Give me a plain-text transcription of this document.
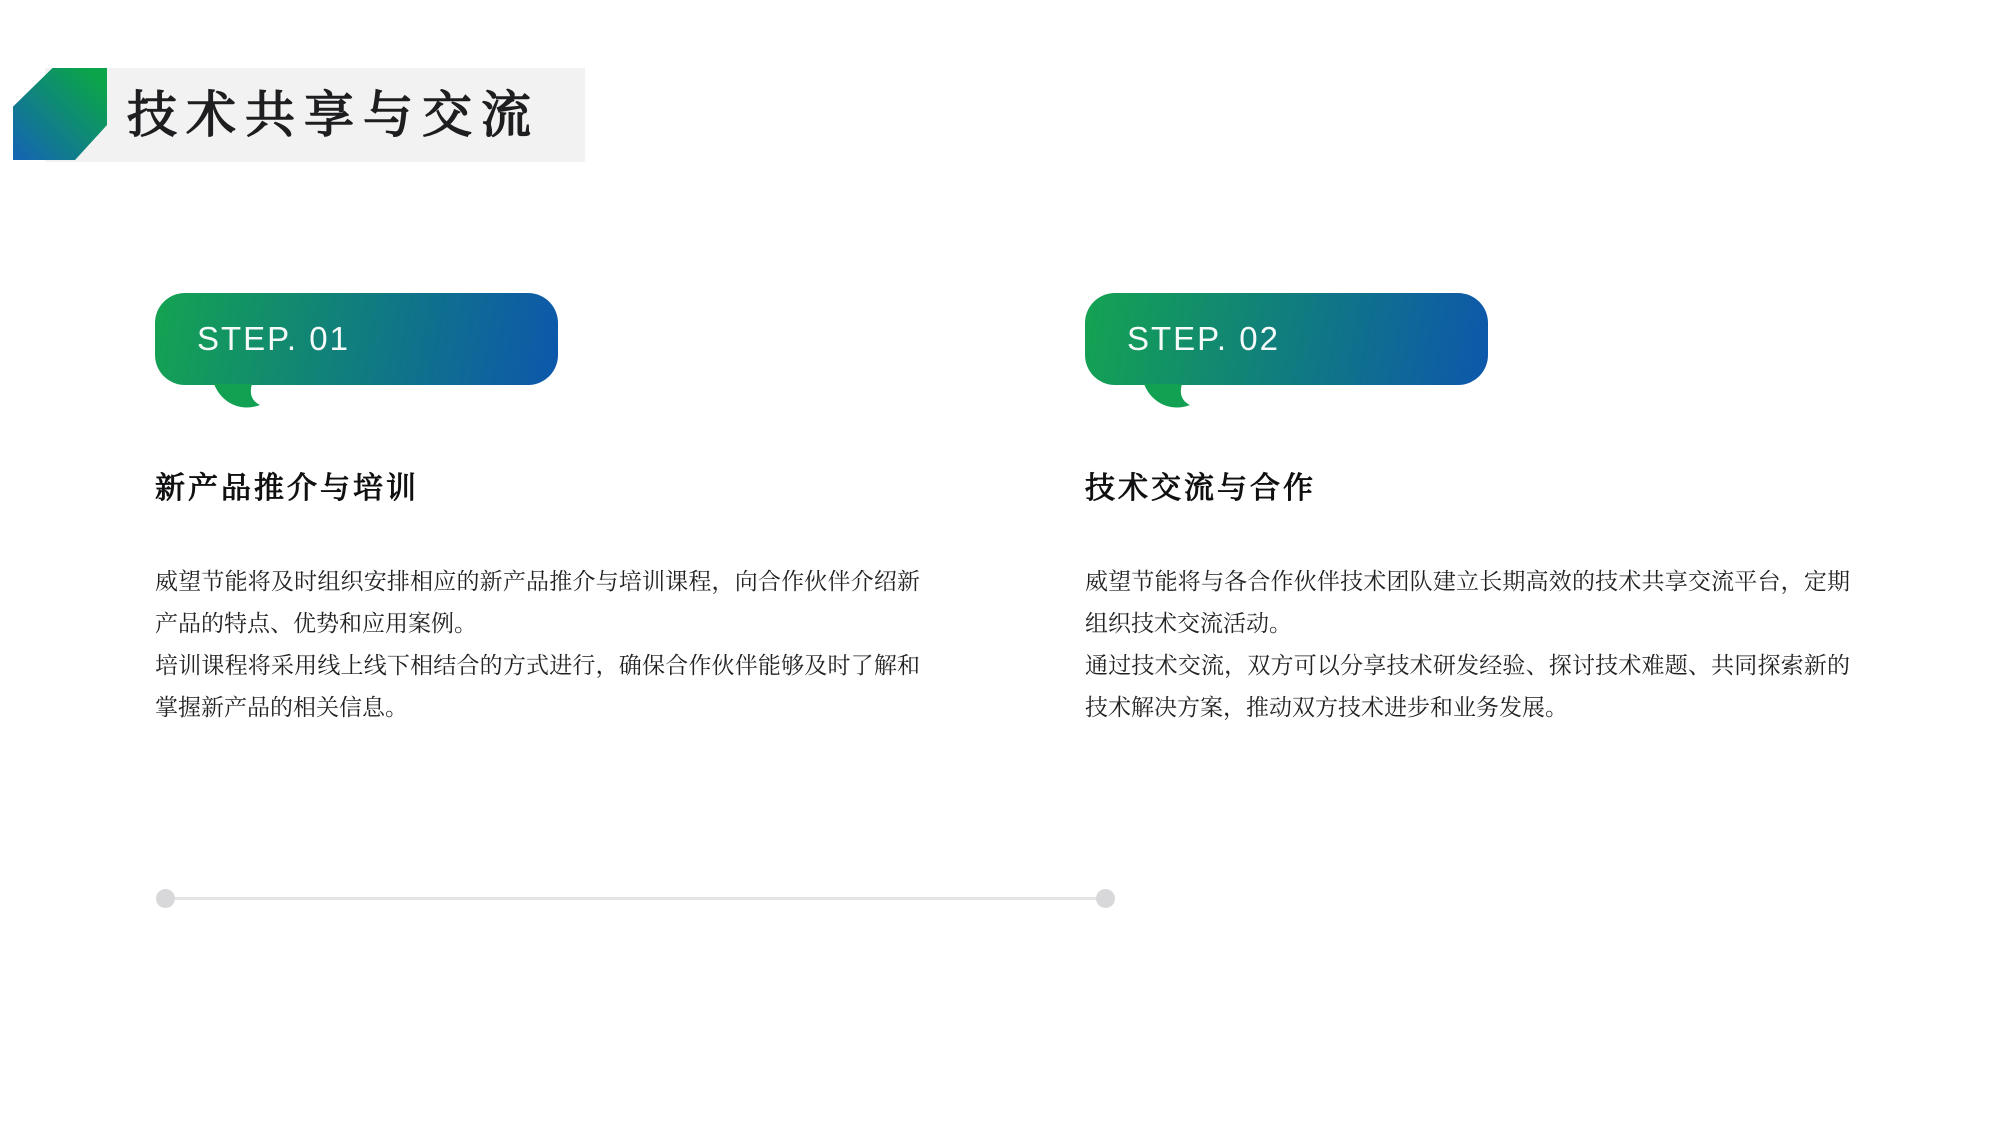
技术共享与交流
STEP. 01
新产品推介与培训

威望节能将及时组织安排相应的新产品推介与培训课程，向合作伙伴介绍新产品的特点、优势和应用案例。

培训课程将采用线上线下相结合的方式进行，确保合作伙伴能够及时了解和掌握新产品的相关信息。

STEP. 02
技术交流与合作

威望节能将与各合作伙伴技术团队建立长期高效的技术共享交流平台，定期组织技术交流活动。

通过技术交流，双方可以分享技术研发经验、探讨技术难题、共同探索新的技术解决方案，推动双方技术进步和业务发展。
